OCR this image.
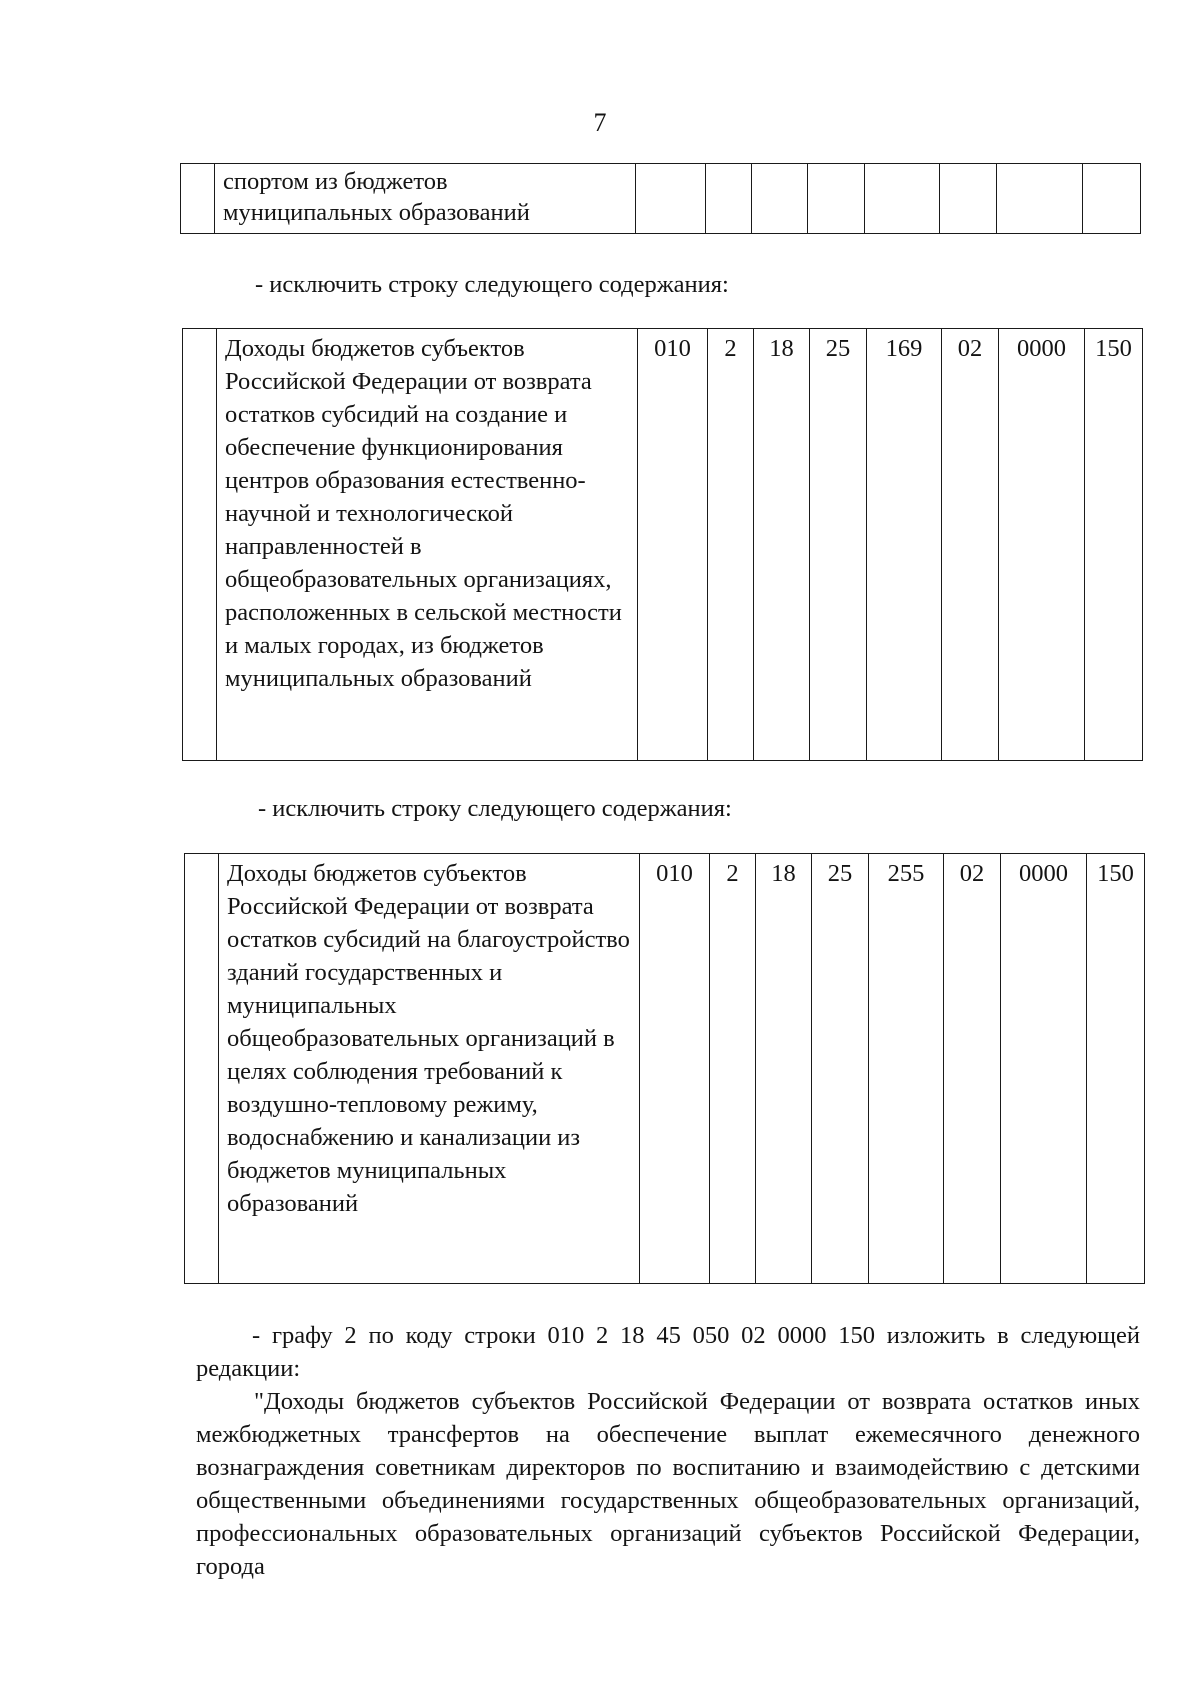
7

спортом из бюджетов
муниципальных образований

- исключить строку следующего содержания:
	Доходы бюджетов субъектов Российской Федерации от возврата остатков субсидий на создание и обеспечение функционирования центров образования естественно-научной и технологической направленностей в общеобразовательных организациях, расположенных в сельской местности и малых городах, из бюджетов муниципальных образований	010	2	18	25	169	02	0000	150
- исключить строку следующего содержания:
	Доходы бюджетов субъектов Российской Федерации от возврата остатков субсидий на благоустройство зданий государственных и муниципальных общеобразовательных организаций в целях соблюдения требований к воздушно-тепловому режиму, водоснабжению и канализации из бюджетов муниципальных образований	010	2	18	25	255	02	0000	150
- графу 2 по коду строки 010 2 18 45 050 02 0000 150 изложить в следующей редакции:
"Доходы бюджетов субъектов Российской Федерации от возврата остатков иных межбюджетных трансфертов на обеспечение выплат ежемесячного денежного вознаграждения советникам директоров по воспитанию и взаимодействию с детскими общественными объединениями государственных общеобразовательных организаций, профессиональных образовательных организаций субъектов Российской Федерации, города
